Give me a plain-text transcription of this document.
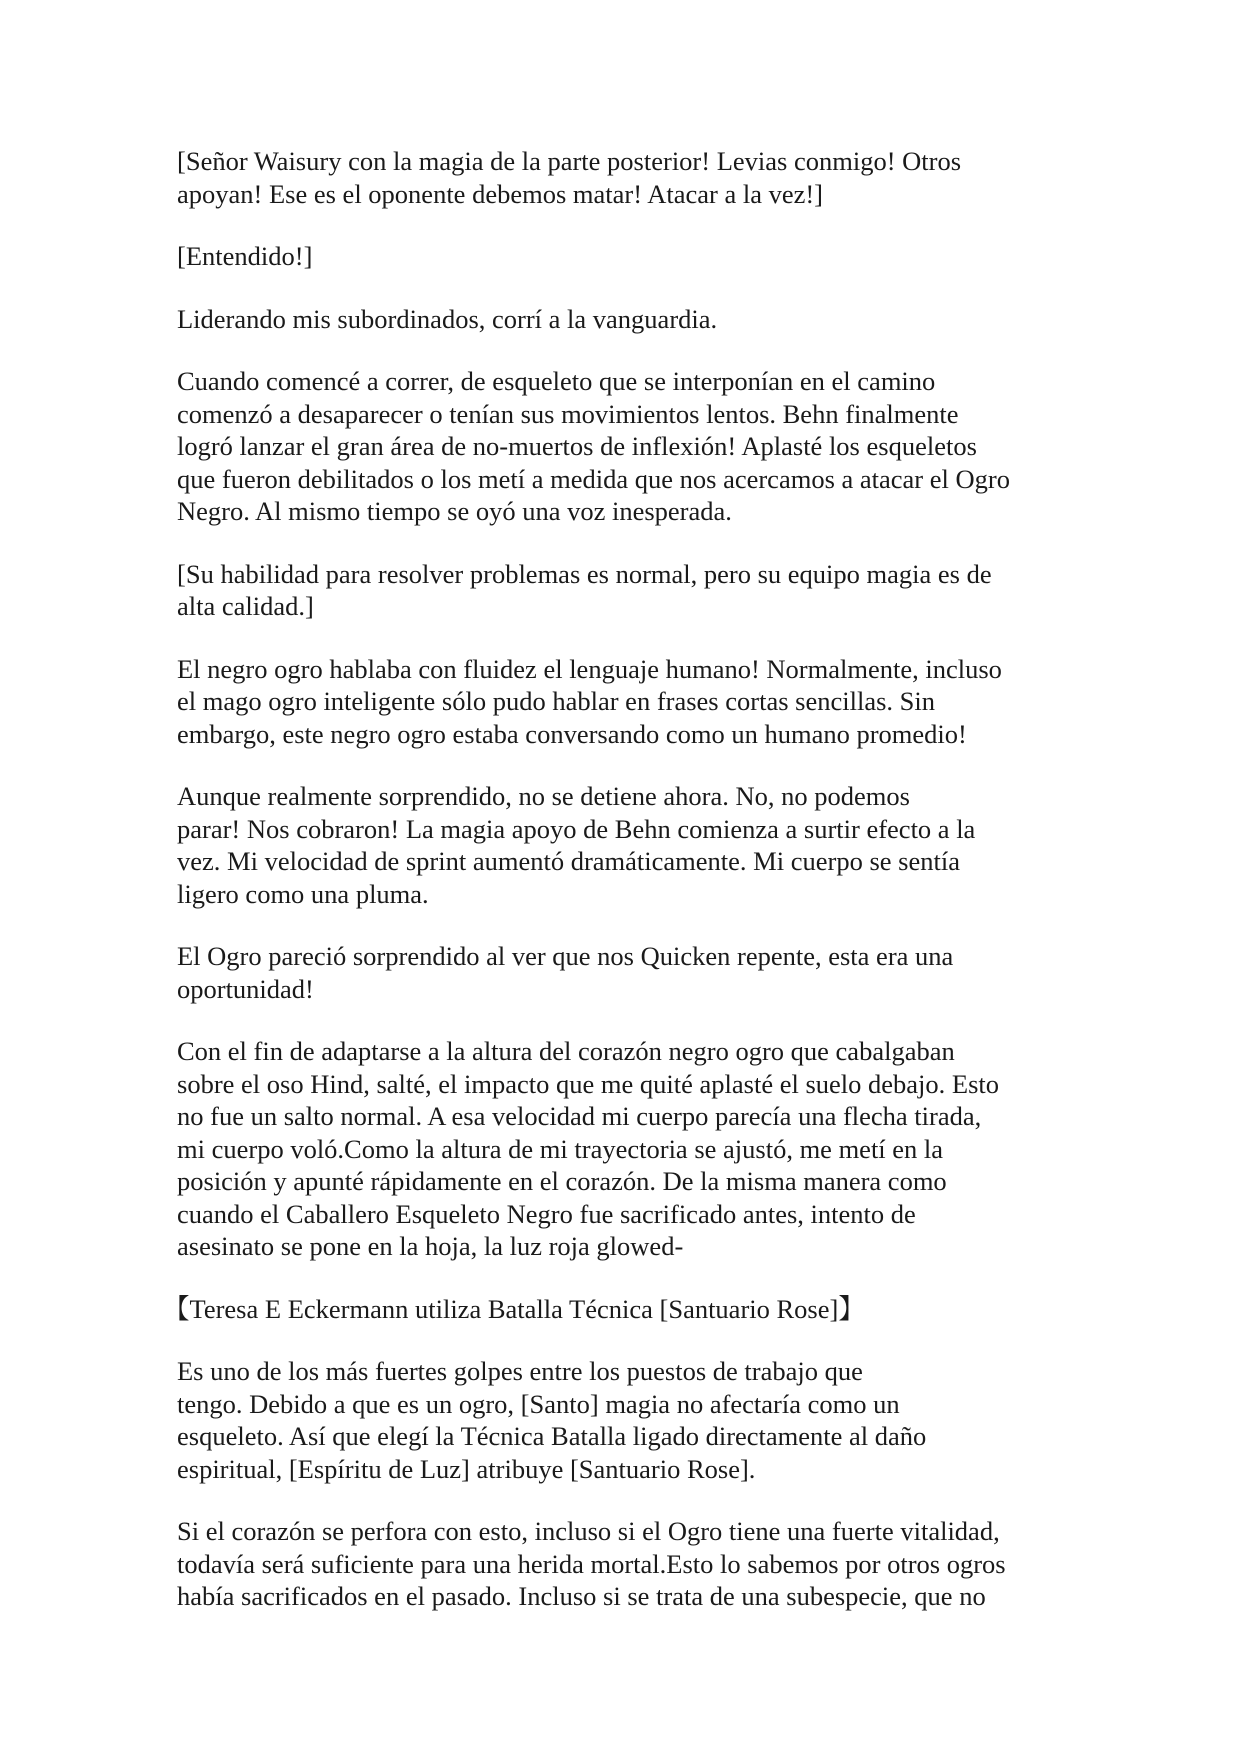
[Señor Waisury con la magia de la parte posterior! Levias conmigo! Otros
apoyan! Ese es el oponente debemos matar! Atacar a la vez!]

[Entendido!]

Liderando mis subordinados, corrí a la vanguardia.

Cuando comencé a correr, de esqueleto que se interponían en el camino
comenzó a desaparecer o tenían sus movimientos lentos. Behn finalmente
logró lanzar el gran área de no-muertos de inflexión! Aplasté los esqueletos
que fueron debilitados o los metí a medida que nos acercamos a atacar el Ogro
Negro. Al mismo tiempo se oyó una voz inesperada.

[Su habilidad para resolver problemas es normal, pero su equipo magia es de
alta calidad.]

El negro ogro hablaba con fluidez el lenguaje humano! Normalmente, incluso
el mago ogro inteligente sólo pudo hablar en frases cortas sencillas. Sin
embargo, este negro ogro estaba conversando como un humano promedio!

Aunque realmente sorprendido, no se detiene ahora. No, no podemos
parar! Nos cobraron! La magia apoyo de Behn comienza a surtir efecto a la
vez. Mi velocidad de sprint aumentó dramáticamente. Mi cuerpo se sentía
ligero como una pluma.

El Ogro pareció sorprendido al ver que nos Quicken repente, esta era una
oportunidad!

Con el fin de adaptarse a la altura del corazón negro ogro que cabalgaban
sobre el oso Hind, salté, el impacto que me quité aplasté el suelo debajo. Esto
no fue un salto normal. A esa velocidad mi cuerpo parecía una flecha tirada,
mi cuerpo voló.Como la altura de mi trayectoria se ajustó, me metí en la
posición y apunté rápidamente en el corazón. De la misma manera como
cuando el Caballero Esqueleto Negro fue sacrificado antes, intento de
asesinato se pone en la hoja, la luz roja glowed-

【Teresa E Eckermann utiliza Batalla Técnica [Santuario Rose]】

Es uno de los más fuertes golpes entre los puestos de trabajo que
tengo. Debido a que es un ogro, [Santo] magia no afectaría como un
esqueleto. Así que elegí la Técnica Batalla ligado directamente al daño
espiritual, [Espíritu de Luz] atribuye [Santuario Rose].

Si el corazón se perfora con esto, incluso si el Ogro tiene una fuerte vitalidad,
todavía será suficiente para una herida mortal.Esto lo sabemos por otros ogros
había sacrificados en el pasado. Incluso si se trata de una subespecie, que no
